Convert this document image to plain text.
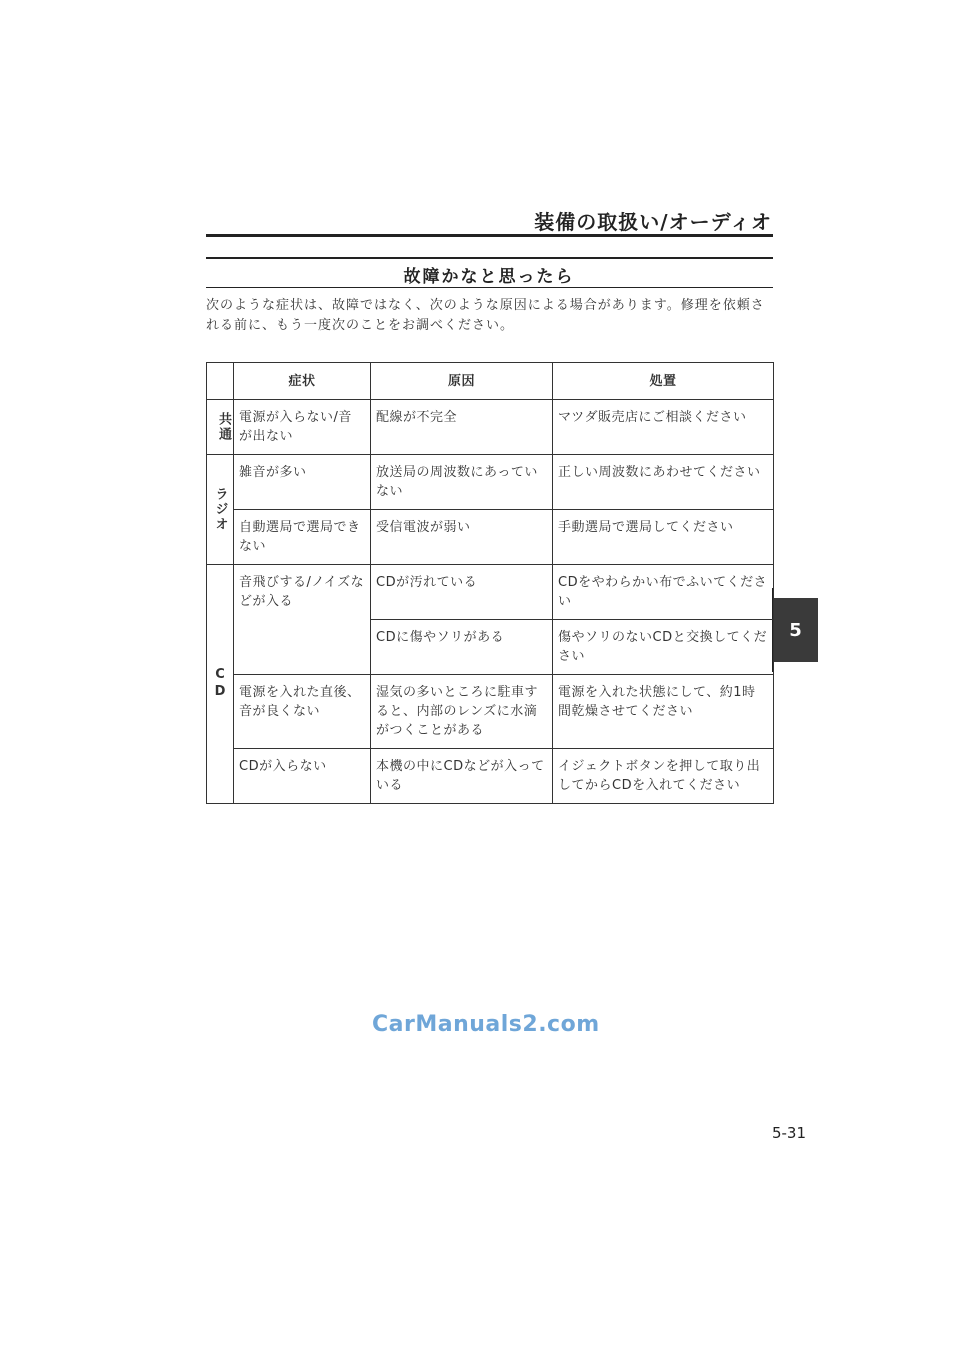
装備の取扱い/オーディオ
故障かなと思ったら
次のような症状は、故障ではなく、次のような原因による場合があります。修理を依頼される前に、もう一度次のことをお調べください。
5
	症状	原因	処置
共通	電源が入らない/音が出ない	配線が不完全	マツダ販売店にご相談ください
ラジオ	雑音が多い	放送局の周波数にあっていない	正しい周波数にあわせてください
	自動選局で選局できない	受信電波が弱い	手動選局で選局してください
CD	音飛びする/ノイズなどが入る	CDが汚れている	CDをやわらかい布でふいてください
		CDに傷やソリがある	傷やソリのないCDと交換してください
	電源を入れた直後、音が良くない	湿気の多いところに駐車すると、内部のレンズに水滴がつくことがある	電源を入れた状態にして、約1時間乾燥させてください
	CDが入らない	本機の中にCDなどが入っている	イジェクトボタンを押して取り出してからCDを入れてください
CarManuals2.com
5-31
